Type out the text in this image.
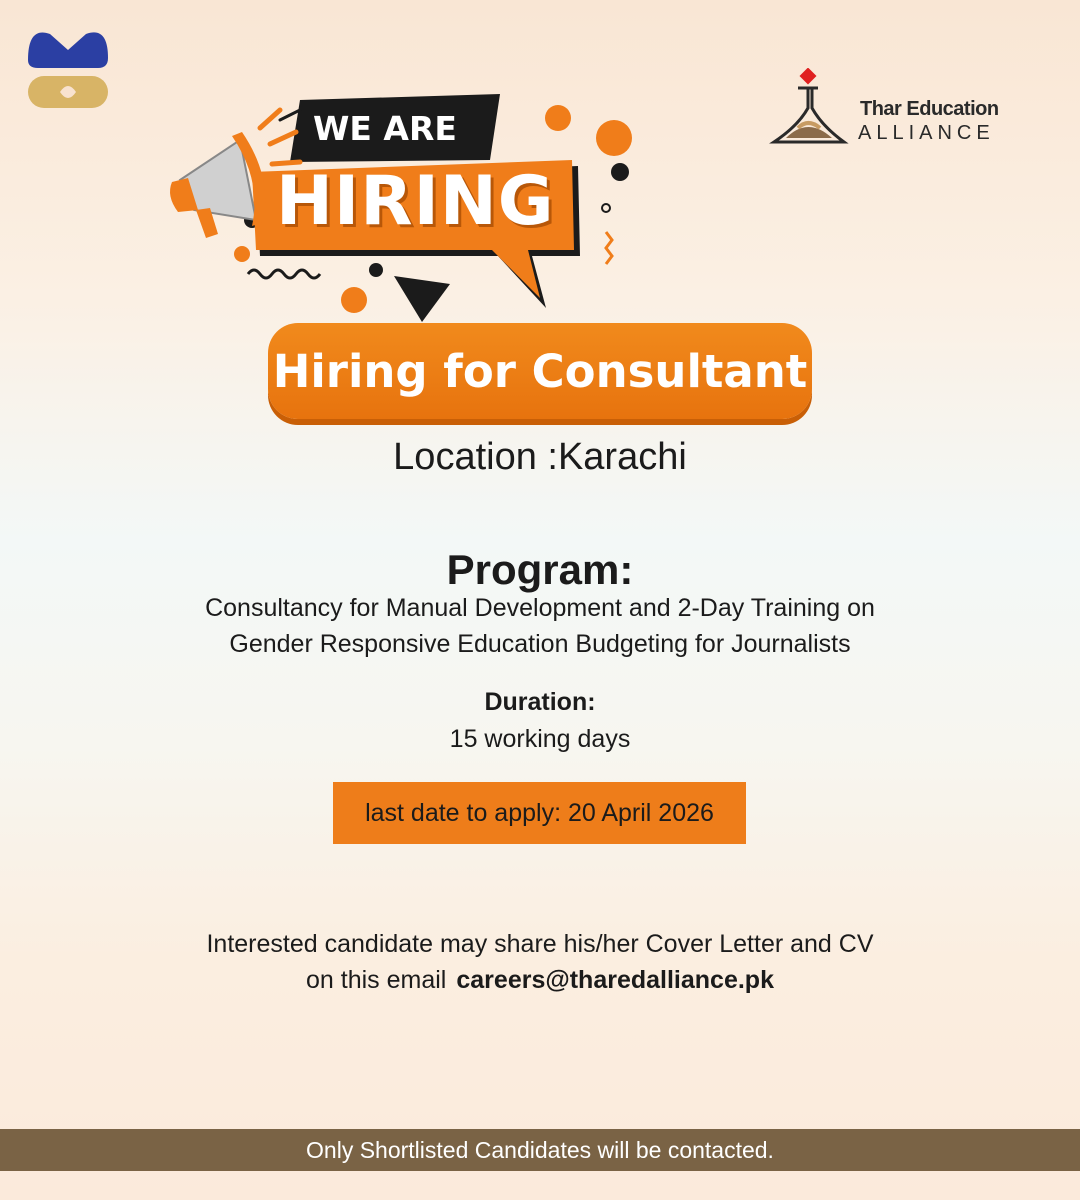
Thar Education
ALLIANCE
WE ARE
HIRING
Hiring for Consultant
Location :Karachi
Program:
Consultancy for Manual Development and 2-Day Training on
Gender Responsive Education Budgeting for Journalists
Duration:
15 working days
last date to apply: 20 April 2026
Interested candidate may share his/her Cover Letter and CV
on this email careers@tharedalliance.pk
Only Shortlisted Candidates will be contacted.
